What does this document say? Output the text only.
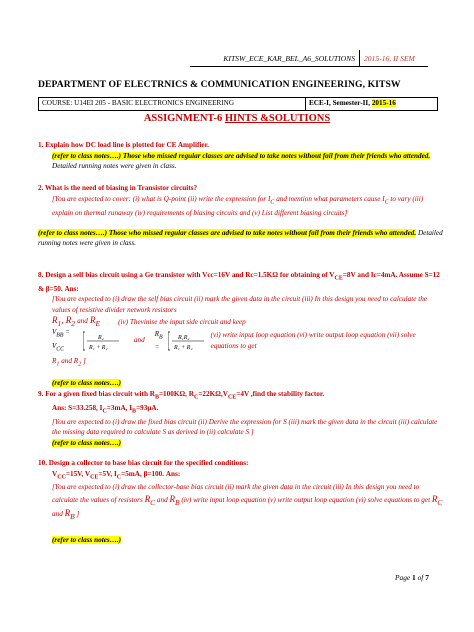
KITSW_ECE_KAR_BEL_A6_SOLUTIONS	2015-16, II SEM
DEPARTMENT OF ELECTRNICS & COMMUNICATION ENGINEERING, KITSW
COURSE: U14EI 205 - BASIC ELECTRONICS ENGINEERING	ECE-I, Semester-II, 2015-16
ASSIGNMENT-6 HINTS &SOLUTIONS
1. Explain how DC load line is plotted for CE Amplifier.
(refer to class notes….) Those who missed regular classes are advised to take notes without fail from their friends who attended. Detailed running notes were given in class.
2. What is the need of biasing in Transistor circuits?
[You are expected to cover: (i) what is Q-point (ii) write the expression for $I_C$ and mention what parameters cause $I_C$ to vary (iii) explain on thermal runaway (iv) requirements of biasing circuits and (v) List different biasing circuits]
(refer to class notes….) Those who missed regular classes are advised to take notes without fail from their friends who attended. Detailed running notes were given in class.
8. Design a self bias circuit using a Ge transistor with Vcc=16V and Rc=1.5KΩ for obtaining of $V_{CE}=8V$ and Ic=4mA. Assume S=12 & β=50. Ans:
[You are expected to (i) draw the self bias circuit (ii) mark the given data in the circuit (iii) In this design you need to calculate the values of resistive divider network resistors
$R_1$, $R_2$ and $R_E$	(iv) Thevinise the input side circuit and keep
$V_{BB} = V_{CC}$
R₂
R₁ + R₂
and
$R_B$ =
R₁R₂
R₁ + R₂
(vi) write input loop equation (vi) write output loop equation (vii) solve equations to get
$R_1$ and $R_2$ ]
(refer to class notes….)
9. For a given fixed bias circuit with $R_B=100K\Omega$, $R_C=22K\Omega,V_{CE}=4V$ ,find the stability factor.
Ans: S=33.258, $I_C=3mA$, $I_B=93\mu A$.
[You are expected to (i) draw the fixed bias circuit (ii) Derive the expression for S (iii) mark the given data in the circuit (iii) calculate the missing data required to calculate S as derived in (ii) calculate S ]
(refer to class notes….)
10. Design a collector to base bias circuit for the specified conditions:
$V_{CC}=15V$, $V_{CE}=5V$, $I_C=5mA$, β=100. Ans:
[You are expected to (i) draw the collector-base bias circuit (ii) mark the given data in the circuit (iii) In this design you need to calculate the values of resistors $R_C$ and $R_B$ (iv) write input loop equation (v) write output loop equation (vi) solve equations to get $R_C$ and $R_B$ ]
(refer to class notes….)
Page 1 of 7
